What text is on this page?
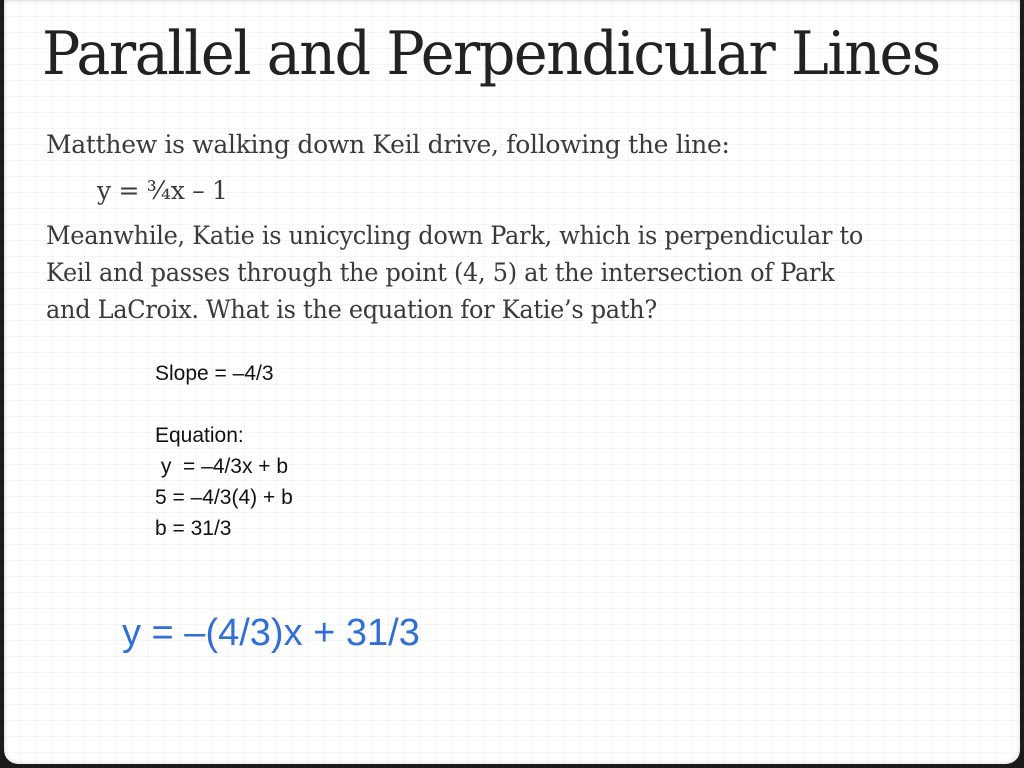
Parallel and Perpendicular Lines
Matthew is walking down Keil drive, following the line:
y = ¾x – 1
Meanwhile, Katie is unicycling down Park, which is perpendicular to
Keil and passes through the point (4, 5) at the intersection of Park
and LaCroix. What is the equation for Katie’s path?
Slope = –4/3
Equation:
y  = –4/3x + b
5 = –4/3(4) + b
b = 31/3
y = –(4/3)x + 31/3
